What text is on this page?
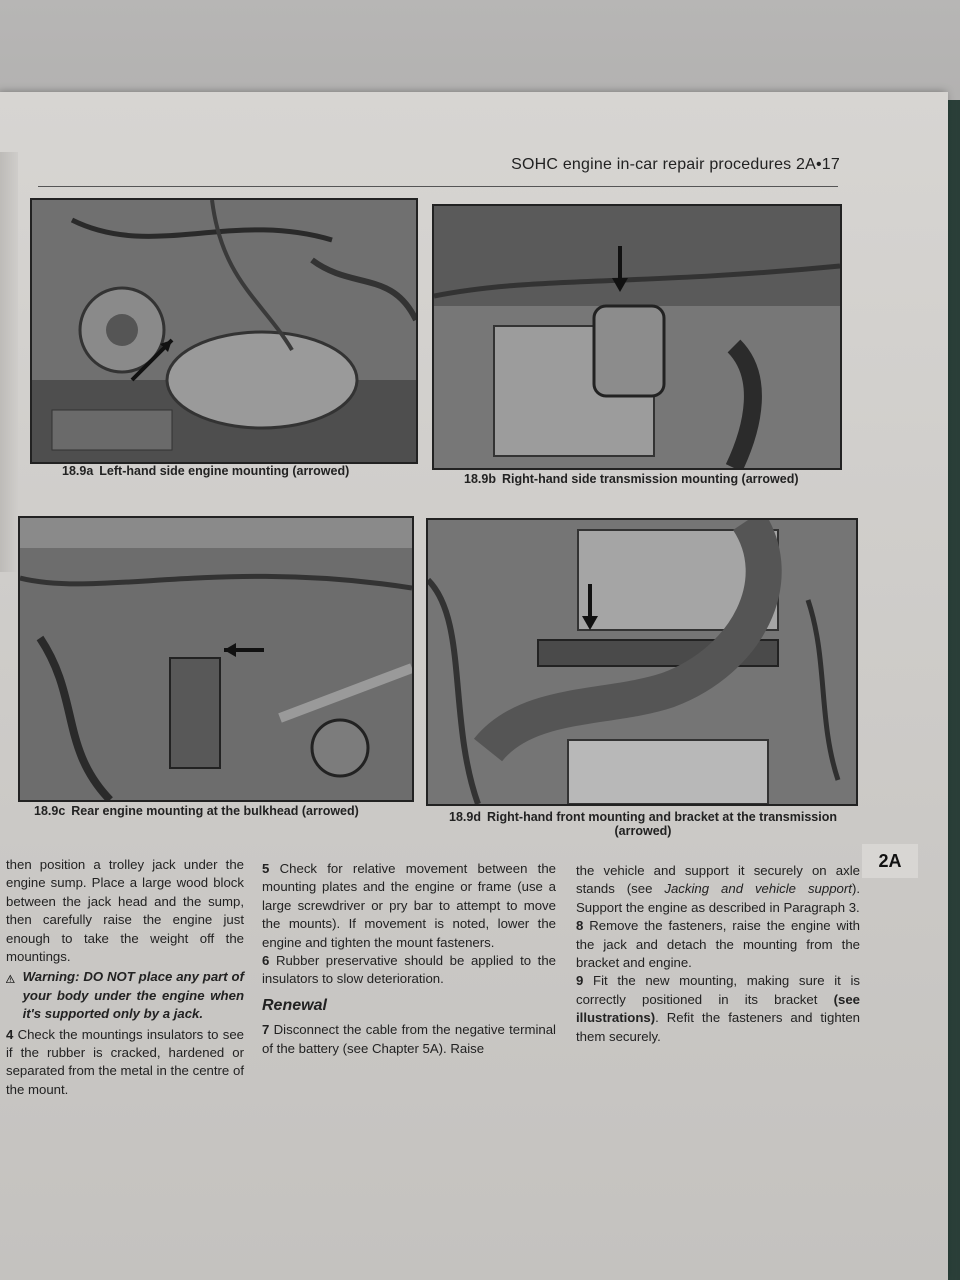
SOHC engine in-car repair procedures 2A•17
18.9a Left-hand side engine mounting (arrowed)
18.9b Right-hand side transmission mounting (arrowed)
18.9c Rear engine mounting at the bulkhead (arrowed)	18.9d Right-hand front mounting and bracket at the transmission (arrowed)
2A

then position a trolley jack under the engine sump. Place a large wood block between the jack head and the sump, then carefully raise the engine just enough to take the weight off the mountings.

Warning: DO NOT place any part of your body under the engine when it's supported only by a jack.

4 Check the mountings insulators to see if the rubber is cracked, hardened or separated from the metal in the centre of the mount.

5 Check for relative movement between the mounting plates and the engine or frame (use a large screwdriver or pry bar to attempt to move the mounts). If movement is noted, lower the engine and tighten the mount fasteners.

6 Rubber preservative should be applied to the insulators to slow deterioration.

Renewal

7 Disconnect the cable from the negative terminal of the battery (see Chapter 5A). Raise

the vehicle and support it securely on axle stands (see Jacking and vehicle support). Support the engine as described in Paragraph 3.

8 Remove the fasteners, raise the engine with the jack and detach the mounting from the bracket and engine.

9 Fit the new mounting, making sure it is correctly positioned in its bracket (see illustrations). Refit the fasteners and tighten them securely.
